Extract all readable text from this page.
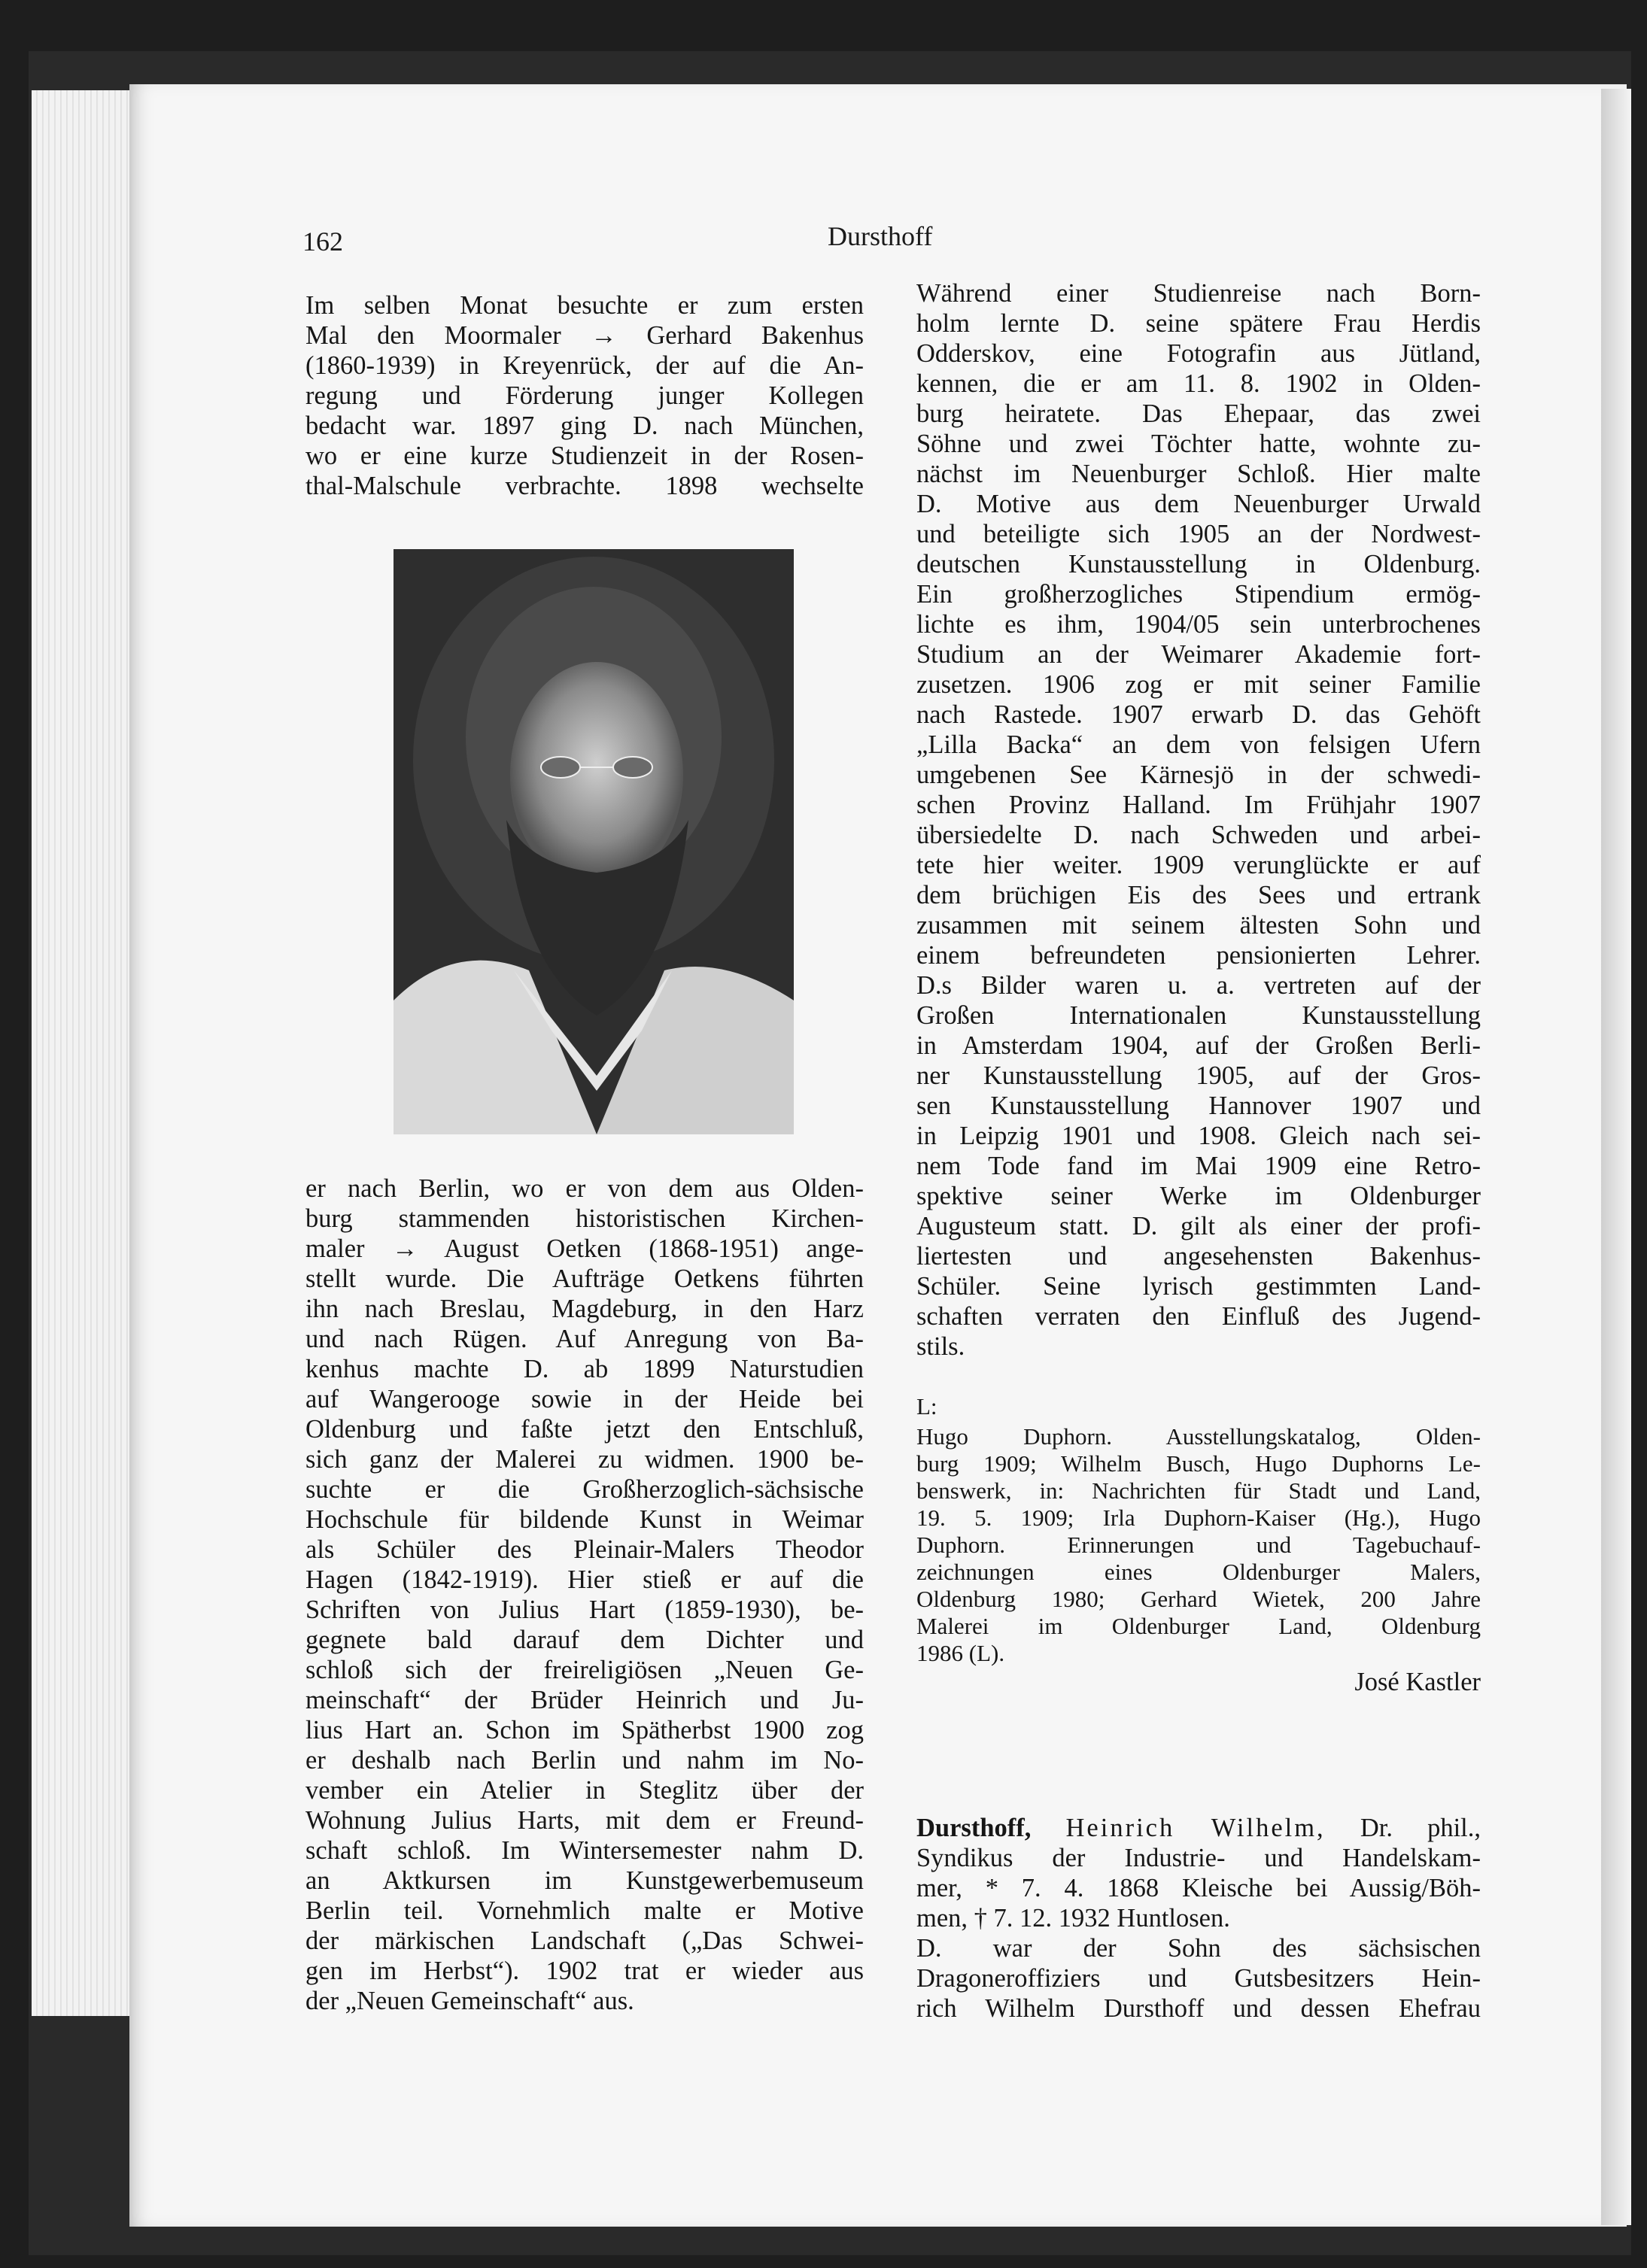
162	Dursthoff

Im selben Monat besuchte er zum ersten

Mal den Moormaler → Gerhard Bakenhus

(1860-1939) in Kreyenrück, der auf die An-

regung und Förderung junger Kollegen

bedacht war. 1897 ging D. nach München,

wo er eine kurze Studienzeit in der Rosen-

thal-Malschule verbrachte. 1898 wechselte

er nach Berlin, wo er von dem aus Olden-

burg stammenden historistischen Kirchen-

maler → August Oetken (1868-1951) ange-

stellt wurde. Die Aufträge Oetkens führten

ihn nach Breslau, Magdeburg, in den Harz

und nach Rügen. Auf Anregung von Ba-

kenhus machte D. ab 1899 Naturstudien

auf Wangerooge sowie in der Heide bei

Oldenburg und faßte jetzt den Entschluß,

sich ganz der Malerei zu widmen. 1900 be-

suchte er die Großherzoglich-sächsische

Hochschule für bildende Kunst in Weimar

als Schüler des Pleinair-Malers Theodor

Hagen (1842-1919). Hier stieß er auf die

Schriften von Julius Hart (1859-1930), be-

gegnete bald darauf dem Dichter und

schloß sich der freireligiösen „Neuen Ge-

meinschaft“ der Brüder Heinrich und Ju-

lius Hart an. Schon im Spätherbst 1900 zog

er deshalb nach Berlin und nahm im No-

vember ein Atelier in Steglitz über der

Wohnung Julius Harts, mit dem er Freund-

schaft schloß. Im Wintersemester nahm D.

an Aktkursen im Kunstgewerbemuseum

Berlin teil. Vornehmlich malte er Motive

der märkischen Landschaft („Das Schwei-

gen im Herbst“). 1902 trat er wieder aus

der „Neuen Gemeinschaft“ aus.

Während einer Studienreise nach Born-

holm lernte D. seine spätere Frau Herdis

Odderskov, eine Fotografin aus Jütland,

kennen, die er am 11. 8. 1902 in Olden-

burg heiratete. Das Ehepaar, das zwei

Söhne und zwei Töchter hatte, wohnte zu-

nächst im Neuenburger Schloß. Hier malte

D. Motive aus dem Neuenburger Urwald

und beteiligte sich 1905 an der Nordwest-

deutschen Kunstausstellung in Oldenburg.

Ein großherzogliches Stipendium ermög-

lichte es ihm, 1904/05 sein unterbrochenes

Studium an der Weimarer Akademie fort-

zusetzen. 1906 zog er mit seiner Familie

nach Rastede. 1907 erwarb D. das Gehöft

„Lilla Backa“ an dem von felsigen Ufern

umgebenen See Kärnesjö in der schwedi-

schen Provinz Halland. Im Frühjahr 1907

übersiedelte D. nach Schweden und arbei-

tete hier weiter. 1909 verunglückte er auf

dem brüchigen Eis des Sees und ertrank

zusammen mit seinem ältesten Sohn und

einem befreundeten pensionierten Lehrer.

D.s Bilder waren u. a. vertreten auf der

Großen Internationalen Kunstausstellung

in Amsterdam 1904, auf der Großen Berli-

ner Kunstausstellung 1905, auf der Gros-

sen Kunstausstellung Hannover 1907 und

in Leipzig 1901 und 1908. Gleich nach sei-

nem Tode fand im Mai 1909 eine Retro-

spektive seiner Werke im Oldenburger

Augusteum statt. D. gilt als einer der profi-

liertesten und angesehensten Bakenhus-

Schüler. Seine lyrisch gestimmten Land-

schaften verraten den Einfluß des Jugend-

stils.

L:

Hugo Duphorn. Ausstellungskatalog, Olden-

burg 1909; Wilhelm Busch, Hugo Duphorns Le-

benswerk, in: Nachrichten für Stadt und Land,

19. 5. 1909; Irla Duphorn-Kaiser (Hg.), Hugo

Duphorn. Erinnerungen und Tagebuchauf-

zeichnungen eines Oldenburger Malers,

Oldenburg 1980; Gerhard Wietek, 200 Jahre

Malerei im Oldenburger Land, Oldenburg

1986 (L).

José Kastler

Dursthoff, Heinrich Wilhelm, Dr. phil.,

Syndikus der Industrie- und Handelskam-

mer, * 7. 4. 1868 Kleische bei Aussig/Böh-

men, † 7. 12. 1932 Huntlosen.

D. war der Sohn des sächsischen

Dragoneroffiziers und Gutsbesitzers Hein-

rich Wilhelm Dursthoff und dessen Ehefrau
